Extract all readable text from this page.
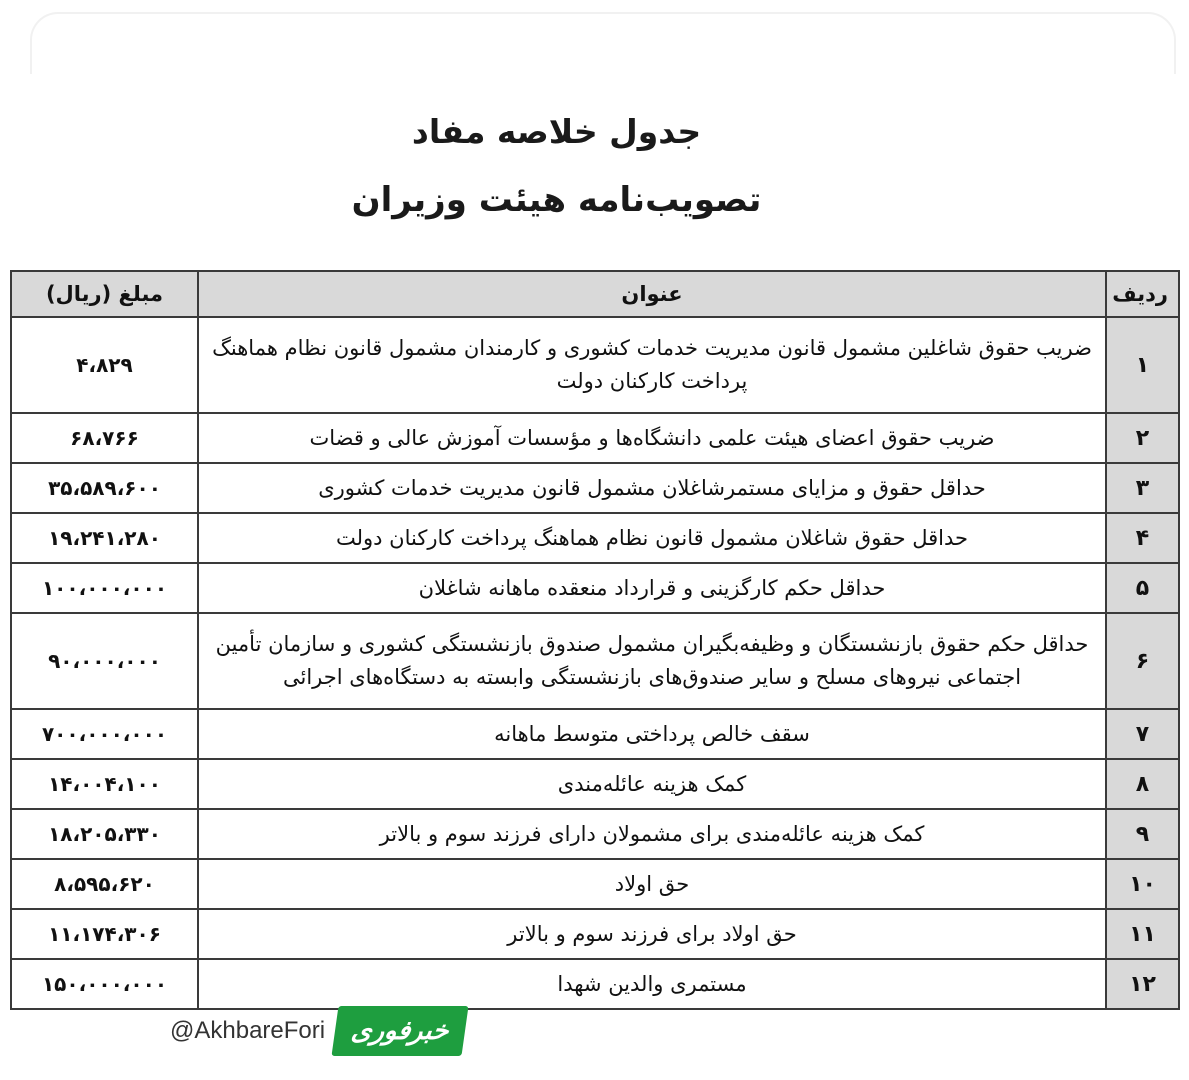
جدول خلاصه مفاد
تصویب‌نامه هیئت وزیران
ردیف	عنوان	مبلغ (ریال)
۱	ضریب حقوق شاغلین مشمول قانون مدیریت خدمات کشوری و کارمندان مشمول قانون نظام هماهنگ پرداخت کارکنان دولت	۴،۸۲۹
۲	ضریب حقوق اعضای هیئت علمی دانشگاه‌ها و مؤسسات آموزش عالی و قضات	۶۸،۷۶۶
۳	حداقل حقوق و مزایای مستمرشاغلان مشمول قانون مدیریت خدمات کشوری	۳۵،۵۸۹،۶۰۰
۴	حداقل حقوق شاغلان مشمول قانون نظام هماهنگ پرداخت کارکنان دولت	۱۹،۲۴۱،۲۸۰
۵	حداقل حکم کارگزینی و قرارداد منعقده ماهانه شاغلان	۱۰۰،۰۰۰،۰۰۰
۶	حداقل حکم حقوق بازنشستگان و وظیفه‌بگیران مشمول صندوق بازنشستگی کشوری و سازمان تأمین اجتماعی نیروهای مسلح و سایر صندوق‌های بازنشستگی وابسته به دستگاه‌های اجرائی	۹۰،۰۰۰،۰۰۰
۷	سقف خالص پرداختی متوسط ماهانه	۷۰۰،۰۰۰،۰۰۰
۸	کمک هزینه عائله‌مندی	۱۴،۰۰۴،۱۰۰
۹	کمک هزینه عائله‌مندی برای مشمولان دارای فرزند سوم و بالاتر	۱۸،۲۰۵،۳۳۰
۱۰	حق اولاد	۸،۵۹۵،۶۲۰
۱۱	حق اولاد برای فرزند سوم و بالاتر	۱۱،۱۷۴،۳۰۶
۱۲	مستمری والدین شهدا	۱۵۰،۰۰۰،۰۰۰
@AkhbareFori خبرفوری
